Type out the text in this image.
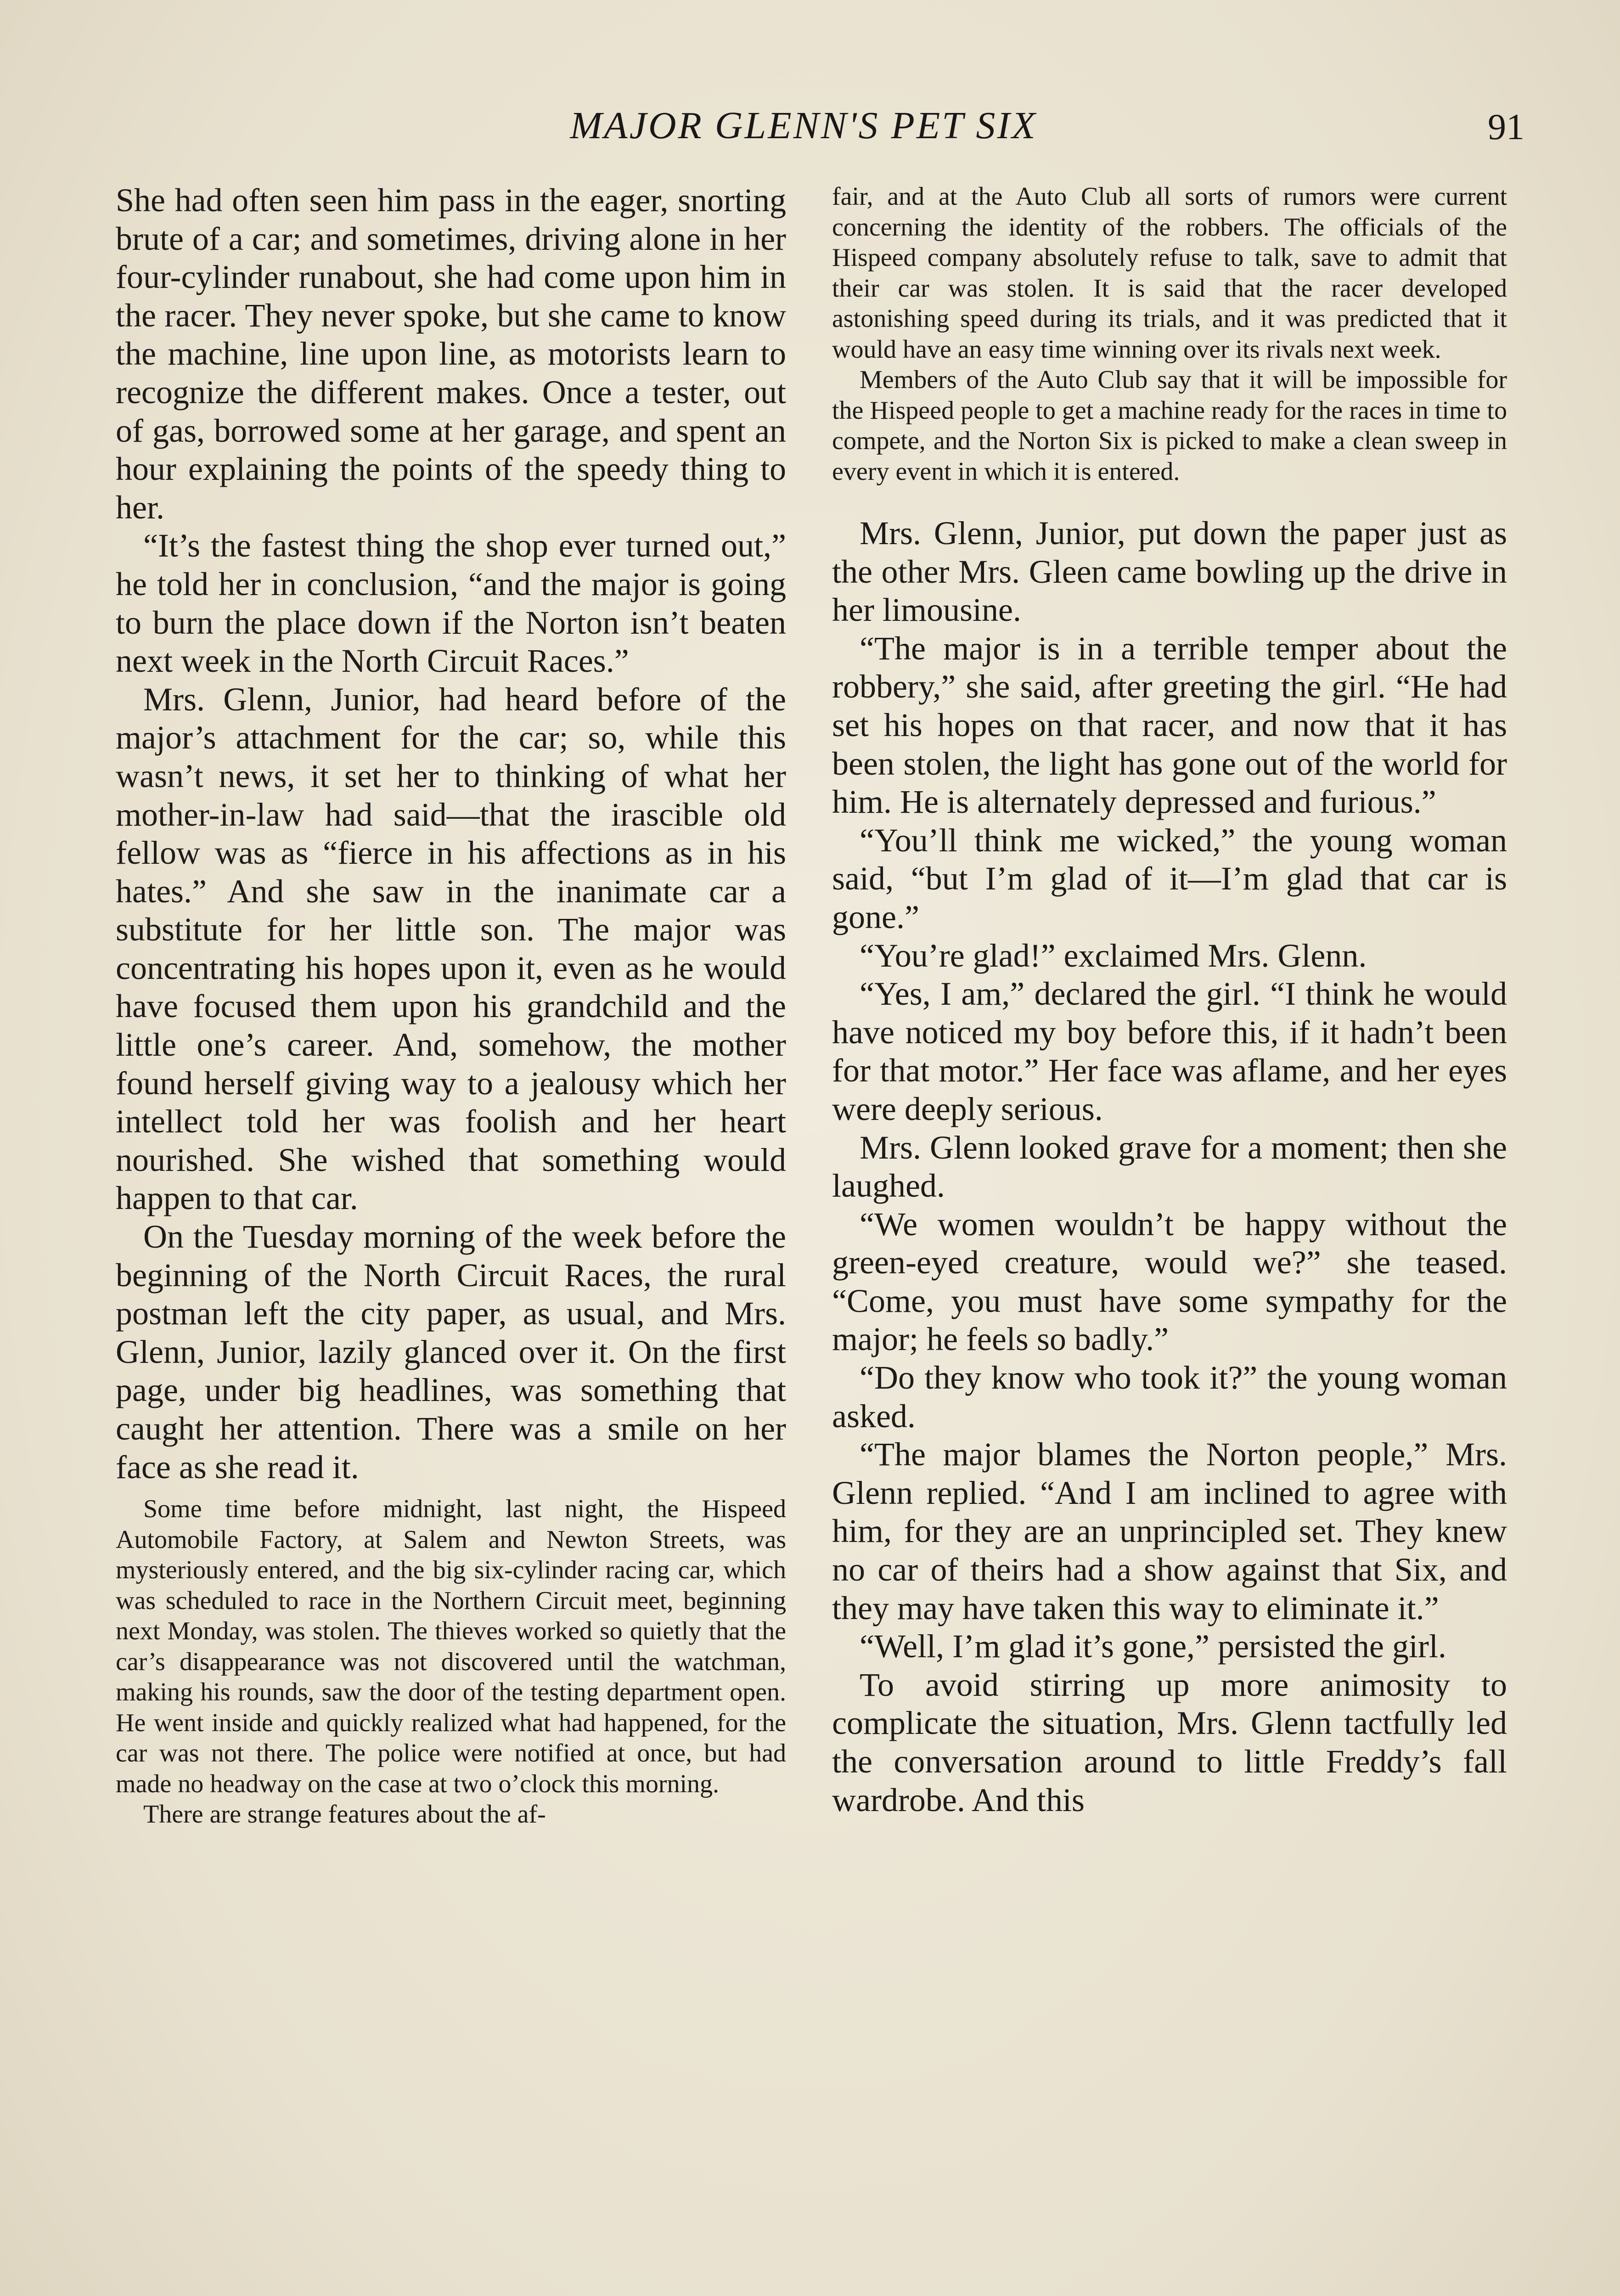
MAJOR GLENN'S PET SIX	91

She had often seen him pass in the eager, snorting brute of a car; and sometimes, driving alone in her four-cylinder runabout, she had come upon him in the racer. They never spoke, but she came to know the machine, line upon line, as motorists learn to recognize the different makes. Once a tester, out of gas, borrowed some at her garage, and spent an hour explaining the points of the speedy thing to her.

“It’s the fastest thing the shop ever turned out,” he told her in conclusion, “and the major is going to burn the place down if the Norton isn’t beaten next week in the North Circuit Races.”

Mrs. Glenn, Junior, had heard before of the major’s attachment for the car; so, while this wasn’t news, it set her to thinking of what her mother-in-law had said—that the irascible old fellow was as “fierce in his affections as in his hates.” And she saw in the inanimate car a substitute for her little son. The major was concentrating his hopes upon it, even as he would have focused them upon his grandchild and the little one’s career. And, somehow, the mother found herself giving way to a jealousy which her intellect told her was foolish and her heart nourished. She wished that something would happen to that car.

On the Tuesday morning of the week before the beginning of the North Circuit Races, the rural postman left the city paper, as usual, and Mrs. Glenn, Junior, lazily glanced over it. On the first page, under big headlines, was something that caught her attention. There was a smile on her face as she read it.

Some time before midnight, last night, the Hispeed Automobile Factory, at Salem and Newton Streets, was mysteriously entered, and the big six-cylinder racing car, which was scheduled to race in the Northern Circuit meet, beginning next Monday, was stolen. The thieves worked so quietly that the car’s disappearance was not discovered until the watchman, making his rounds, saw the door of the testing department open. He went inside and quickly realized what had happened, for the car was not there. The police were notified at once, but had made no headway on the case at two o’clock this morning.

There are strange features about the af-

fair, and at the Auto Club all sorts of rumors were current concerning the identity of the robbers. The officials of the Hispeed company absolutely refuse to talk, save to admit that their car was stolen. It is said that the racer developed astonishing speed during its trials, and it was predicted that it would have an easy time winning over its rivals next week.

Members of the Auto Club say that it will be impossible for the Hispeed people to get a machine ready for the races in time to compete, and the Norton Six is picked to make a clean sweep in every event in which it is entered.

Mrs. Glenn, Junior, put down the paper just as the other Mrs. Gleen came bowling up the drive in her limousine.

“The major is in a terrible temper about the robbery,” she said, after greeting the girl. “He had set his hopes on that racer, and now that it has been stolen, the light has gone out of the world for him. He is alternately depressed and furious.”

“You’ll think me wicked,” the young woman said, “but I’m glad of it—I’m glad that car is gone.”

“You’re glad!” exclaimed Mrs. Glenn.

“Yes, I am,” declared the girl. “I think he would have noticed my boy before this, if it hadn’t been for that motor.” Her face was aflame, and her eyes were deeply serious.

Mrs. Glenn looked grave for a moment; then she laughed.

“We women wouldn’t be happy without the green-eyed creature, would we?” she teased. “Come, you must have some sympathy for the major; he feels so badly.”

“Do they know who took it?” the young woman asked.

“The major blames the Norton people,” Mrs. Glenn replied. “And I am inclined to agree with him, for they are an unprincipled set. They knew no car of theirs had a show against that Six, and they may have taken this way to eliminate it.”

“Well, I’m glad it’s gone,” persisted the girl.

To avoid stirring up more animosity to complicate the situation, Mrs. Glenn tactfully led the conversation around to little Freddy’s fall wardrobe. And this
